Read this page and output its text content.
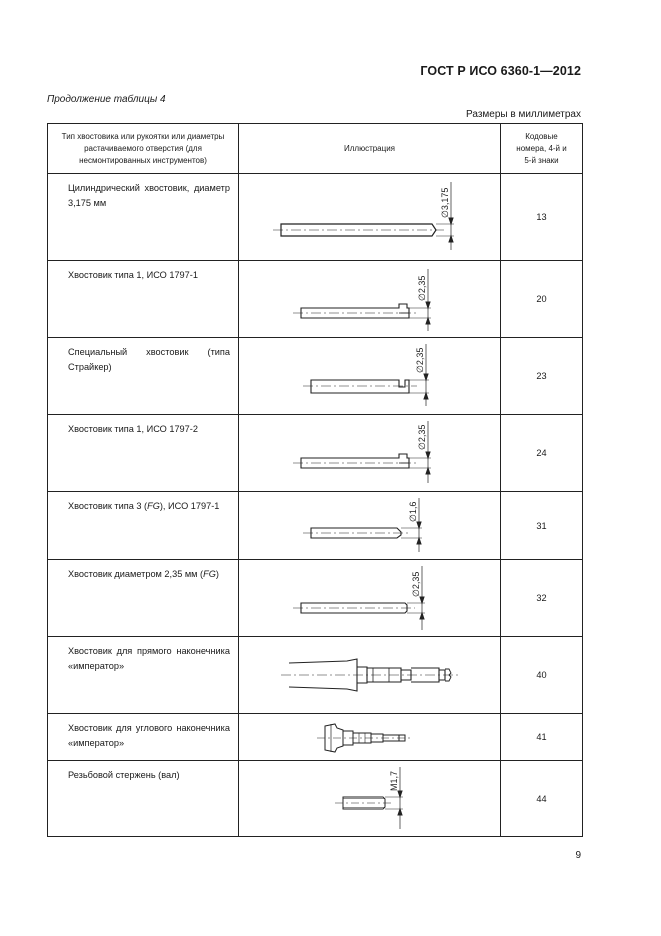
ГОСТ Р ИСО 6360-1—2012
Продолжение таблицы 4
Размеры в миллиметрах
Тип хвостовика или рукоятки или диаметры растачиваемого отверстия (для несмонтированных инструментов)	Иллюстрация	Кодовые номера, 4-й и 5-й знаки

Цилиндрический хвостовик, диаметр 3,175 мм	∅3,175	13

Хвостовик типа 1, ИСО 1797-1	∅2,35	20

Специальный хвостовик (типа Страйкер)	∅2,35	23

Хвостовик типа 1, ИСО 1797-2	∅2,35	24

Хвостовик типа 3 (FG), ИСО 1797-1	∅1,6	31

Хвостовик диаметром 2,35 мм (FG)	∅2,35	32

Хвостовик для прямого наконечника «император»		40

Хвостовик для углового наконечника «император»		41

Резьбовой стержень (вал)	M1,7	44
9
